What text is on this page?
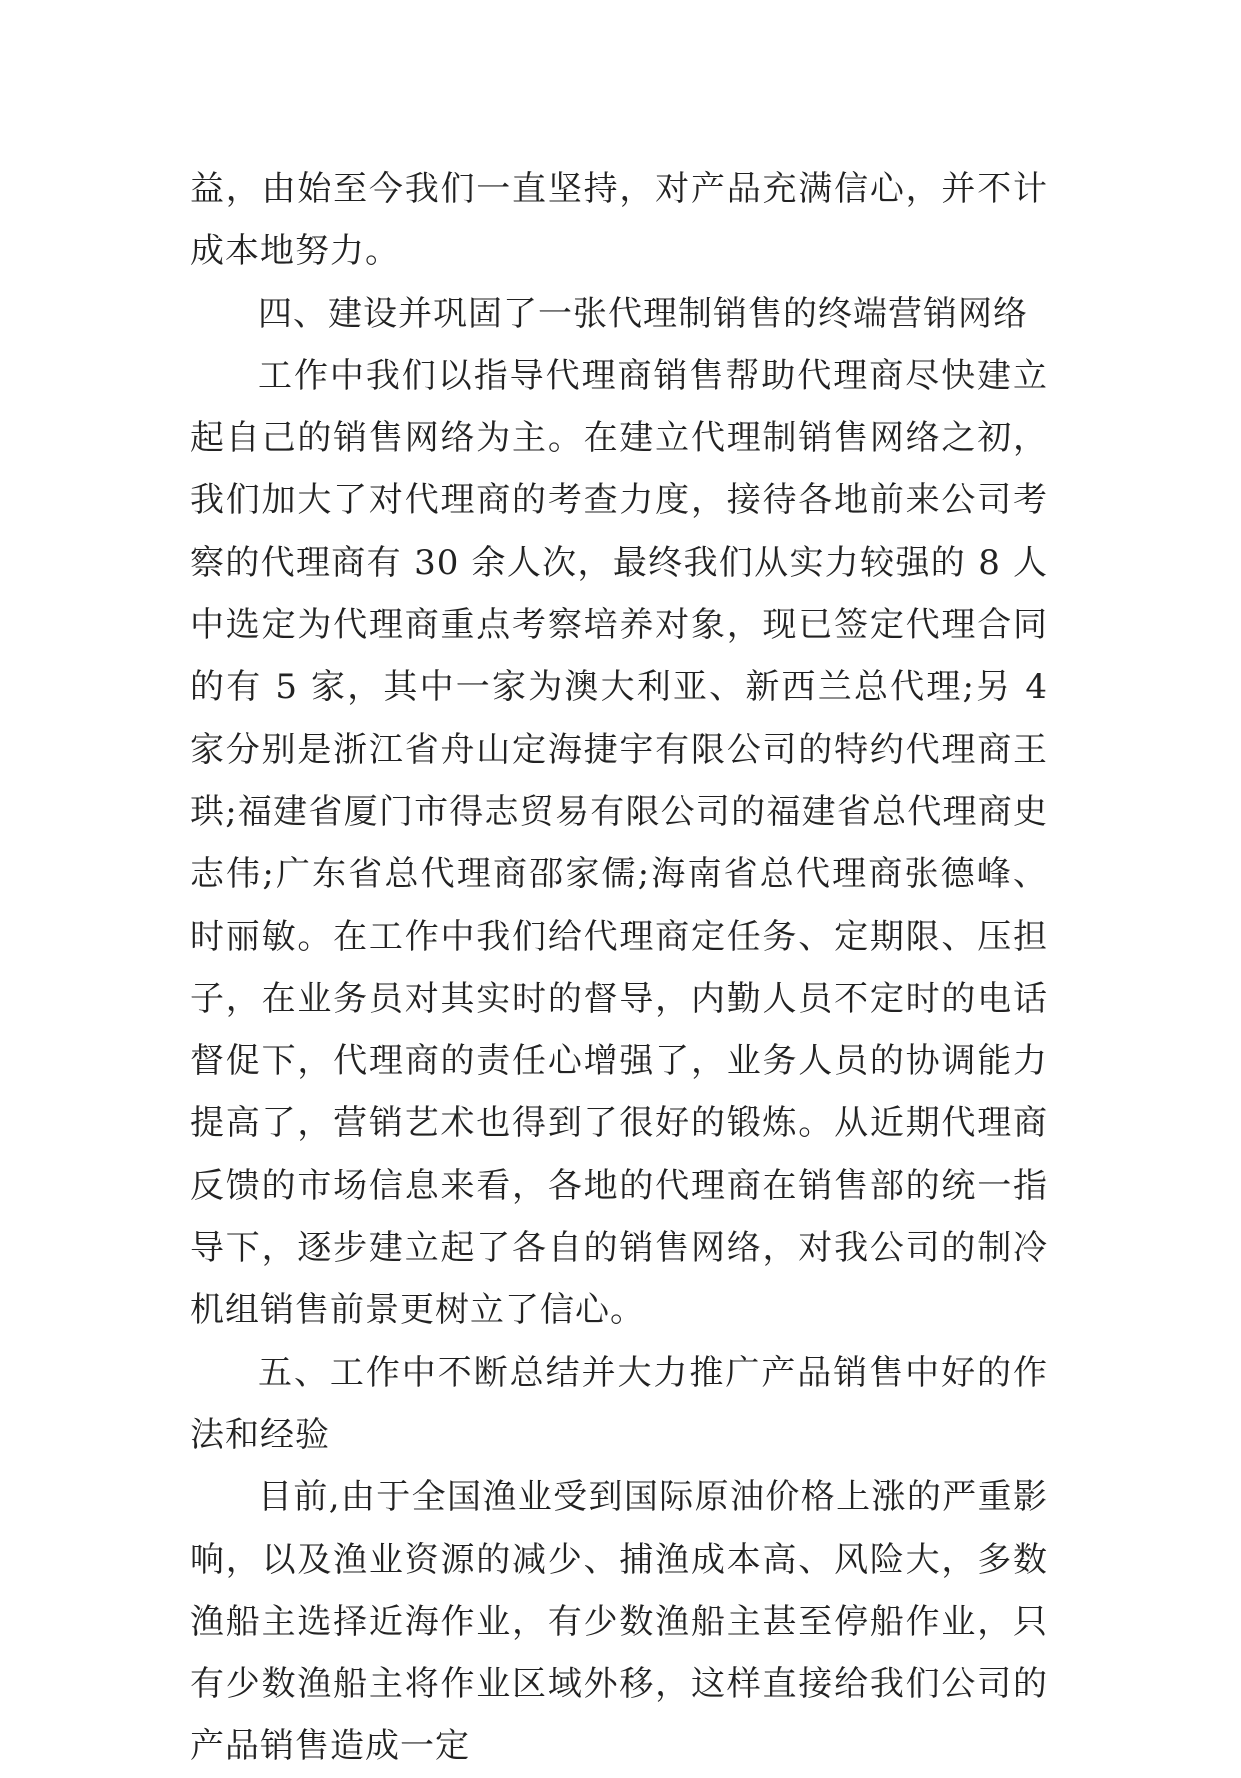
益，由始至今我们一直坚持，对产品充满信心，并不计成本地努力。

四、建设并巩固了一张代理制销售的终端营销网络

工作中我们以指导代理商销售帮助代理商尽快建立起自己的销售网络为主。在建立代理制销售网络之初，我们加大了对代理商的考查力度，接待各地前来公司考察的代理商有 30 余人次，最终我们从实力较强的 8 人中选定为代理商重点考察培养对象，现已签定代理合同的有 5 家，其中一家为澳大利亚、新西兰总代理;另 4 家分别是浙江省舟山定海捷宇有限公司的特约代理商王珙;福建省厦门市得志贸易有限公司的福建省总代理商史志伟;广东省总代理商邵家儒;海南省总代理商张德峰、时丽敏。在工作中我们给代理商定任务、定期限、压担子，在业务员对其实时的督导，内勤人员不定时的电话督促下，代理商的责任心增强了，业务人员的协调能力提高了，营销艺术也得到了很好的锻炼。从近期代理商反馈的市场信息来看，各地的代理商在销售部的统一指导下，逐步建立起了各自的销售网络，对我公司的制冷机组销售前景更树立了信心。

五、工作中不断总结并大力推广产品销售中好的作法和经验

目前,由于全国渔业受到国际原油价格上涨的严重影响，以及渔业资源的减少、捕渔成本高、风险大，多数渔船主选择近海作业，有少数渔船主甚至停船作业，只有少数渔船主将作业区域外移，这样直接给我们公司的产品销售造成一定
